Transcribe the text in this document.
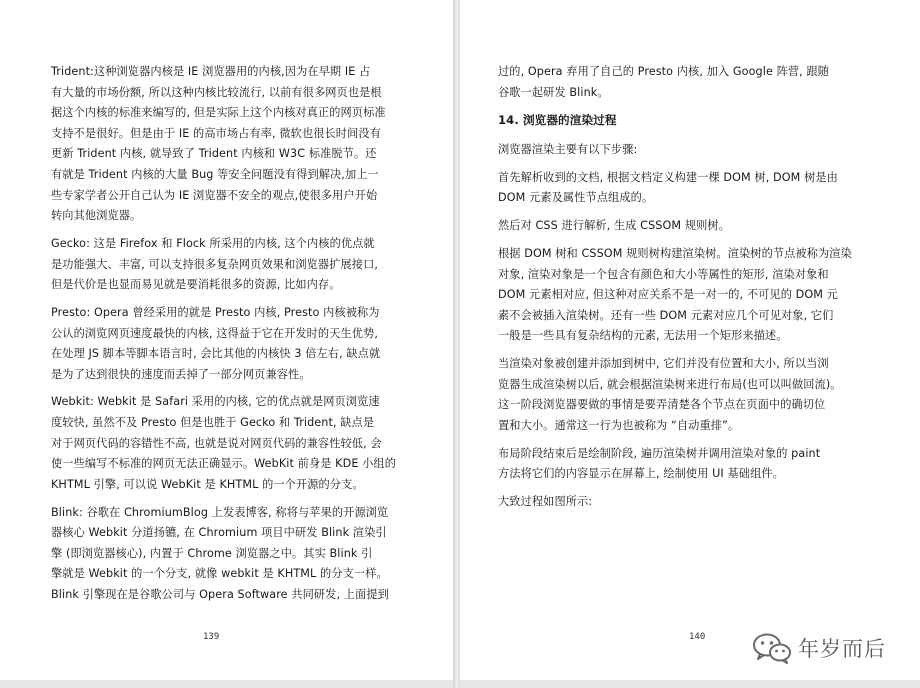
Trident:这种浏览器内核是 IE 浏览器用的内核,因为在早期 IE 占
有大量的市场份额, 所以这种内核比较流行, 以前有很多网页也是根
据这个内核的标准来编写的, 但是实际上这个内核对真正的网页标准
支持不是很好。但是由于 IE 的高市场占有率, 微软也很长时间没有
更新 Trident 内核, 就导致了 Trident 内核和 W3C 标准脱节。还
有就是 Trident 内核的大量 Bug 等安全问题没有得到解决,加上一
些专家学者公开自己认为 IE 浏览器不安全的观点,使很多用户开始
转向其他浏览器。
Gecko: 这是 Firefox 和 Flock 所采用的内核, 这个内核的优点就
是功能强大、丰富, 可以支持很多复杂网页效果和浏览器扩展接口,
但是代价是也显而易见就是要消耗很多的资源, 比如内存。
Presto: Opera 曾经采用的就是 Presto 内核, Presto 内核被称为
公认的浏览网页速度最快的内核, 这得益于它在开发时的天生优势,
在处理 JS 脚本等脚本语言时, 会比其他的内核快 3 倍左右, 缺点就
是为了达到很快的速度而丢掉了一部分网页兼容性。
Webkit: Webkit 是 Safari 采用的内核, 它的优点就是网页浏览速
度较快, 虽然不及 Presto 但是也胜于 Gecko 和 Trident, 缺点是
对于网页代码的容错性不高, 也就是说对网页代码的兼容性较低, 会
使一些编写不标准的网页无法正确显示。WebKit 前身是 KDE 小组的
KHTML 引擎, 可以说 WebKit 是 KHTML 的一个开源的分支。
Blink: 谷歌在 ChromiumBlog 上发表博客, 称将与苹果的开源浏览
器核心 Webkit 分道扬镳, 在 Chromium 项目中研发 Blink 渲染引
擎 (即浏览器核心), 内置于 Chrome 浏览器之中。其实 Blink 引
擎就是 Webkit 的一个分支, 就像 webkit 是 KHTML 的分支一样。
Blink 引擎现在是谷歌公司与 Opera Software 共同研发, 上面提到
139
过的, Opera 弃用了自己的 Presto 内核, 加入 Google 阵营, 跟随
谷歌一起研发 Blink。
14. 浏览器的渲染过程
浏览器渲染主要有以下步骤:
首先解析收到的文档, 根据文档定义构建一棵 DOM 树, DOM 树是由
DOM 元素及属性节点组成的。
然后对 CSS 进行解析, 生成 CSSOM 规则树。
根据 DOM 树和 CSSOM 规则树构建渲染树。渲染树的节点被称为渲染
对象, 渲染对象是一个包含有颜色和大小等属性的矩形, 渲染对象和
DOM 元素相对应, 但这种对应关系不是一对一的, 不可见的 DOM 元
素不会被插入渲染树。还有一些 DOM 元素对应几个可见对象, 它们
一般是一些具有复杂结构的元素, 无法用一个矩形来描述。
当渲染对象被创建并添加到树中, 它们并没有位置和大小, 所以当浏
览器生成渲染树以后, 就会根据渲染树来进行布局(也可以叫做回流)。
这一阶段浏览器要做的事情是要弄清楚各个节点在页面中的确切位
置和大小。通常这一行为也被称为 “自动重排”。
布局阶段结束后是绘制阶段, 遍历渲染树并调用渲染对象的 paint
方法将它们的内容显示在屏幕上, 绘制使用 UI 基础组件。
大致过程如图所示:
140	年岁而后
